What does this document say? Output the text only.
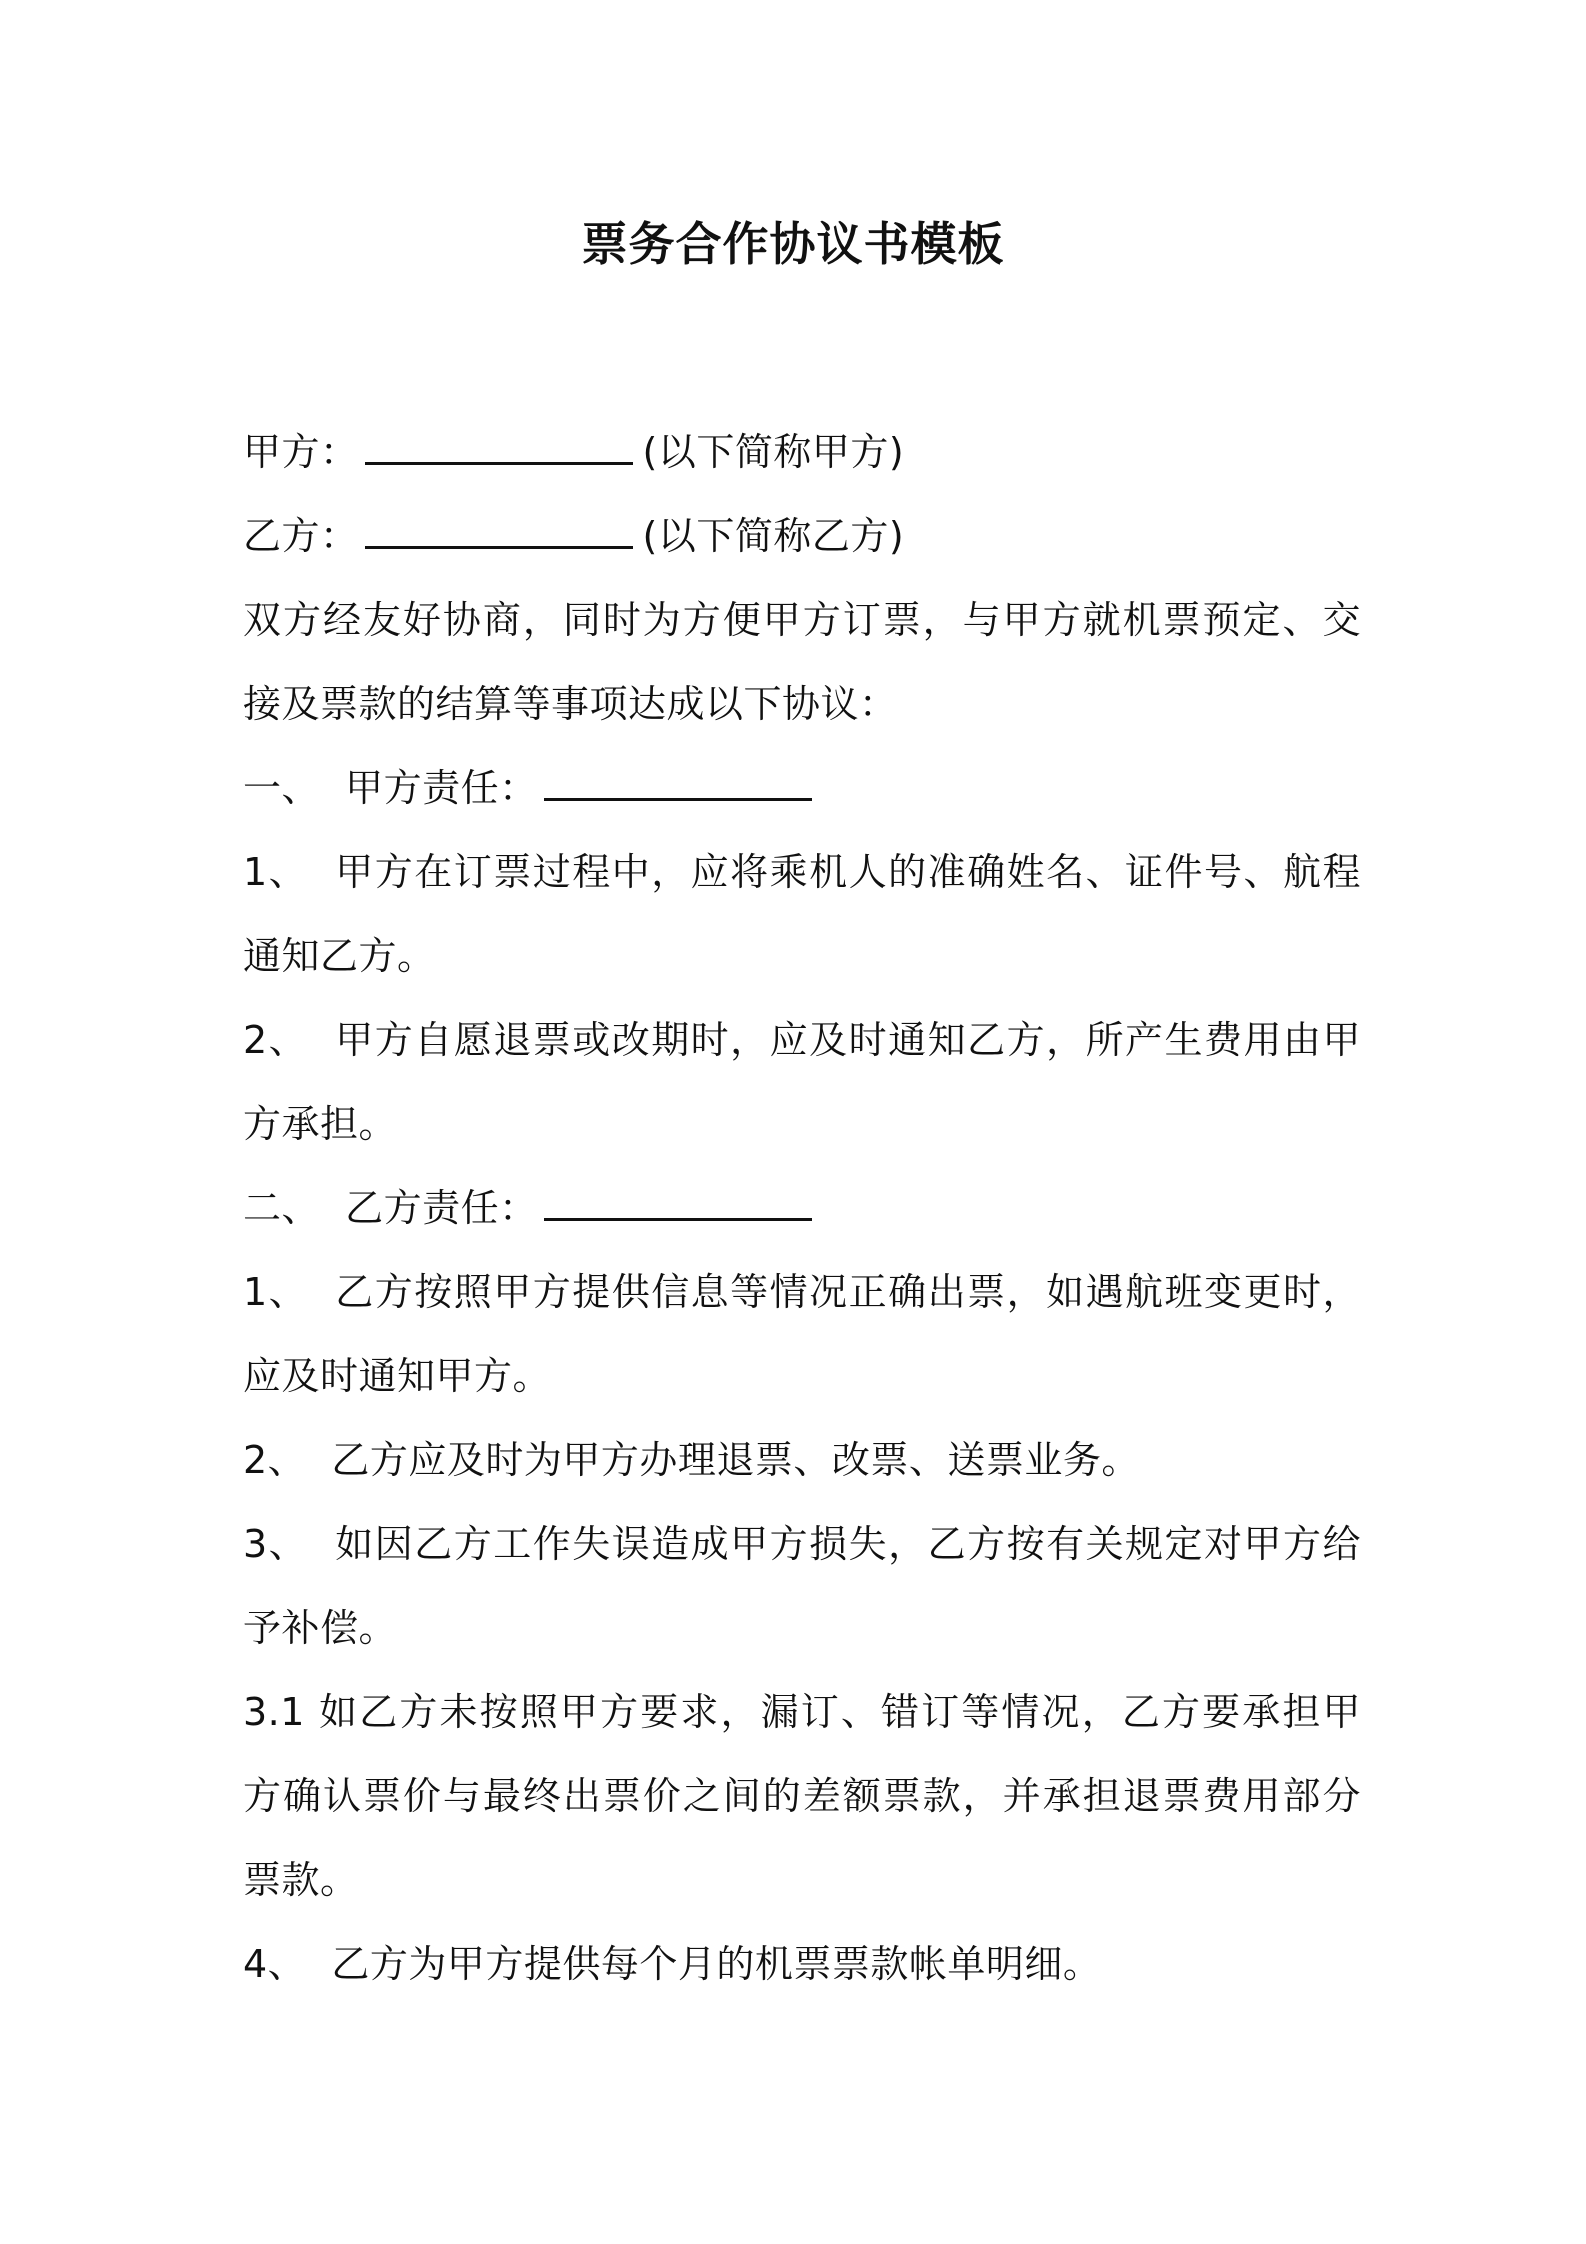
票务合作协议书模板
甲方：	(以下简称甲方)
乙方：	(以下简称乙方)
双方经友好协商，同时为方便甲方订票，与甲方就机票预定、交
接及票款的结算等事项达成以下协议：
一、  甲方责任：
1、  甲方在订票过程中，应将乘机人的准确姓名、证件号、航程
通知乙方。
2、  甲方自愿退票或改期时，应及时通知乙方，所产生费用由甲
方承担。
二、  乙方责任：
1、  乙方按照甲方提供信息等情况正确出票，如遇航班变更时，
应及时通知甲方。
2、  乙方应及时为甲方办理退票、改票、送票业务。
3、  如因乙方工作失误造成甲方损失，乙方按有关规定对甲方给
予补偿。
3.1 如乙方未按照甲方要求，漏订、错订等情况，乙方要承担甲
方确认票价与最终出票价之间的差额票款，并承担退票费用部分
票款。
4、  乙方为甲方提供每个月的机票票款帐单明细。
